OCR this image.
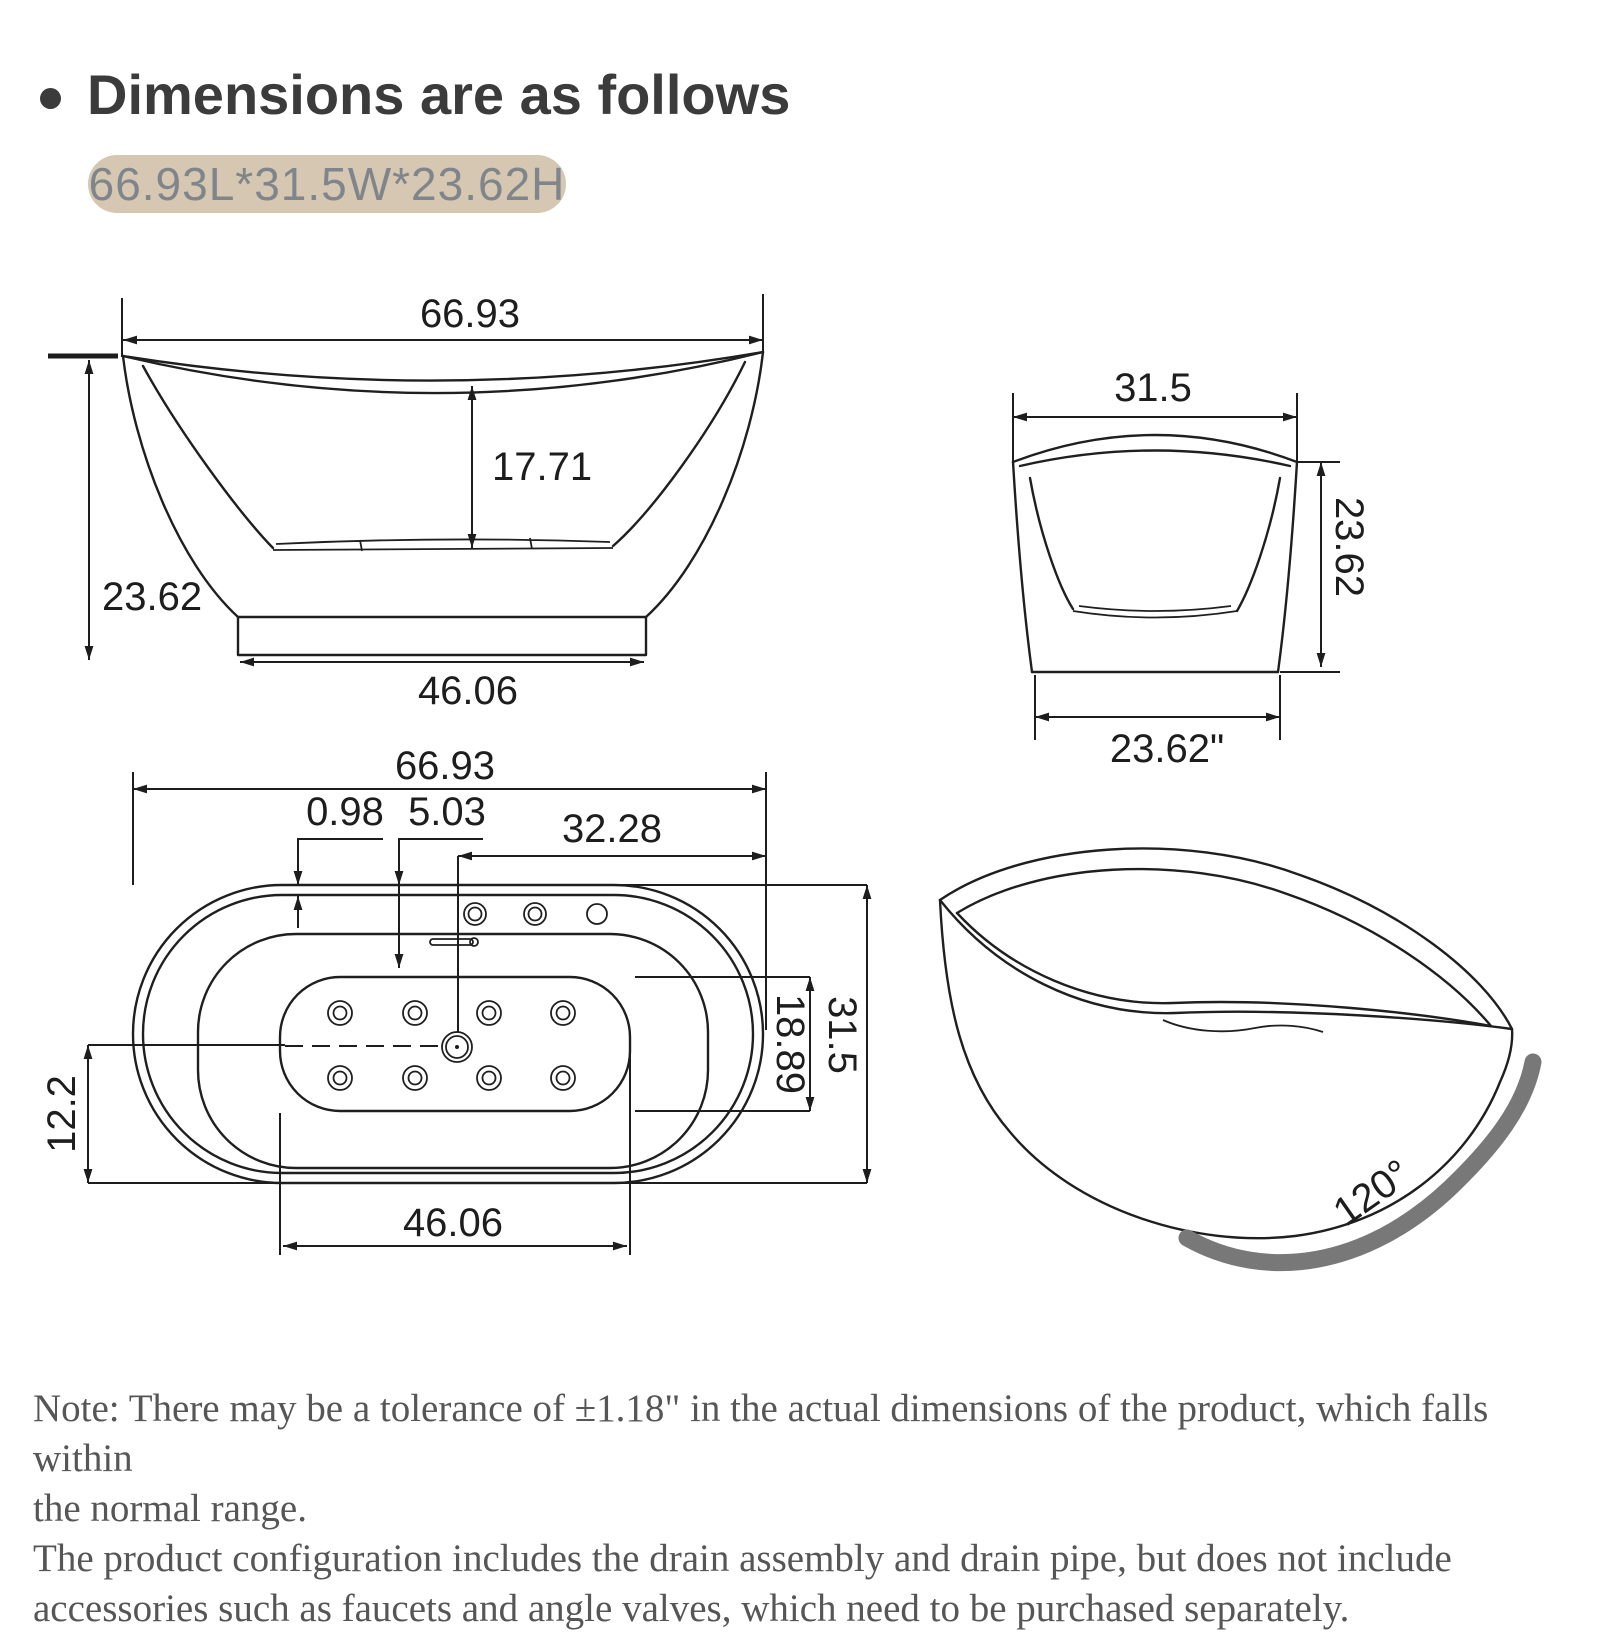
Dimensions are as follows
66.93L*31.5W*23.62H
66.93
17.71
23.62
46.06
31.5
23.62
23.62"
66.93
0.98 5.03 32.28
31.5
18.89
12.2
46.06	120°
Note: There may be a tolerance of ±1.18" in the actual dimensions of the product, which falls within
the normal range.
The product configuration includes the drain assembly and drain pipe, but does not include
accessories such as faucets and angle valves, which need to be purchased separately.
